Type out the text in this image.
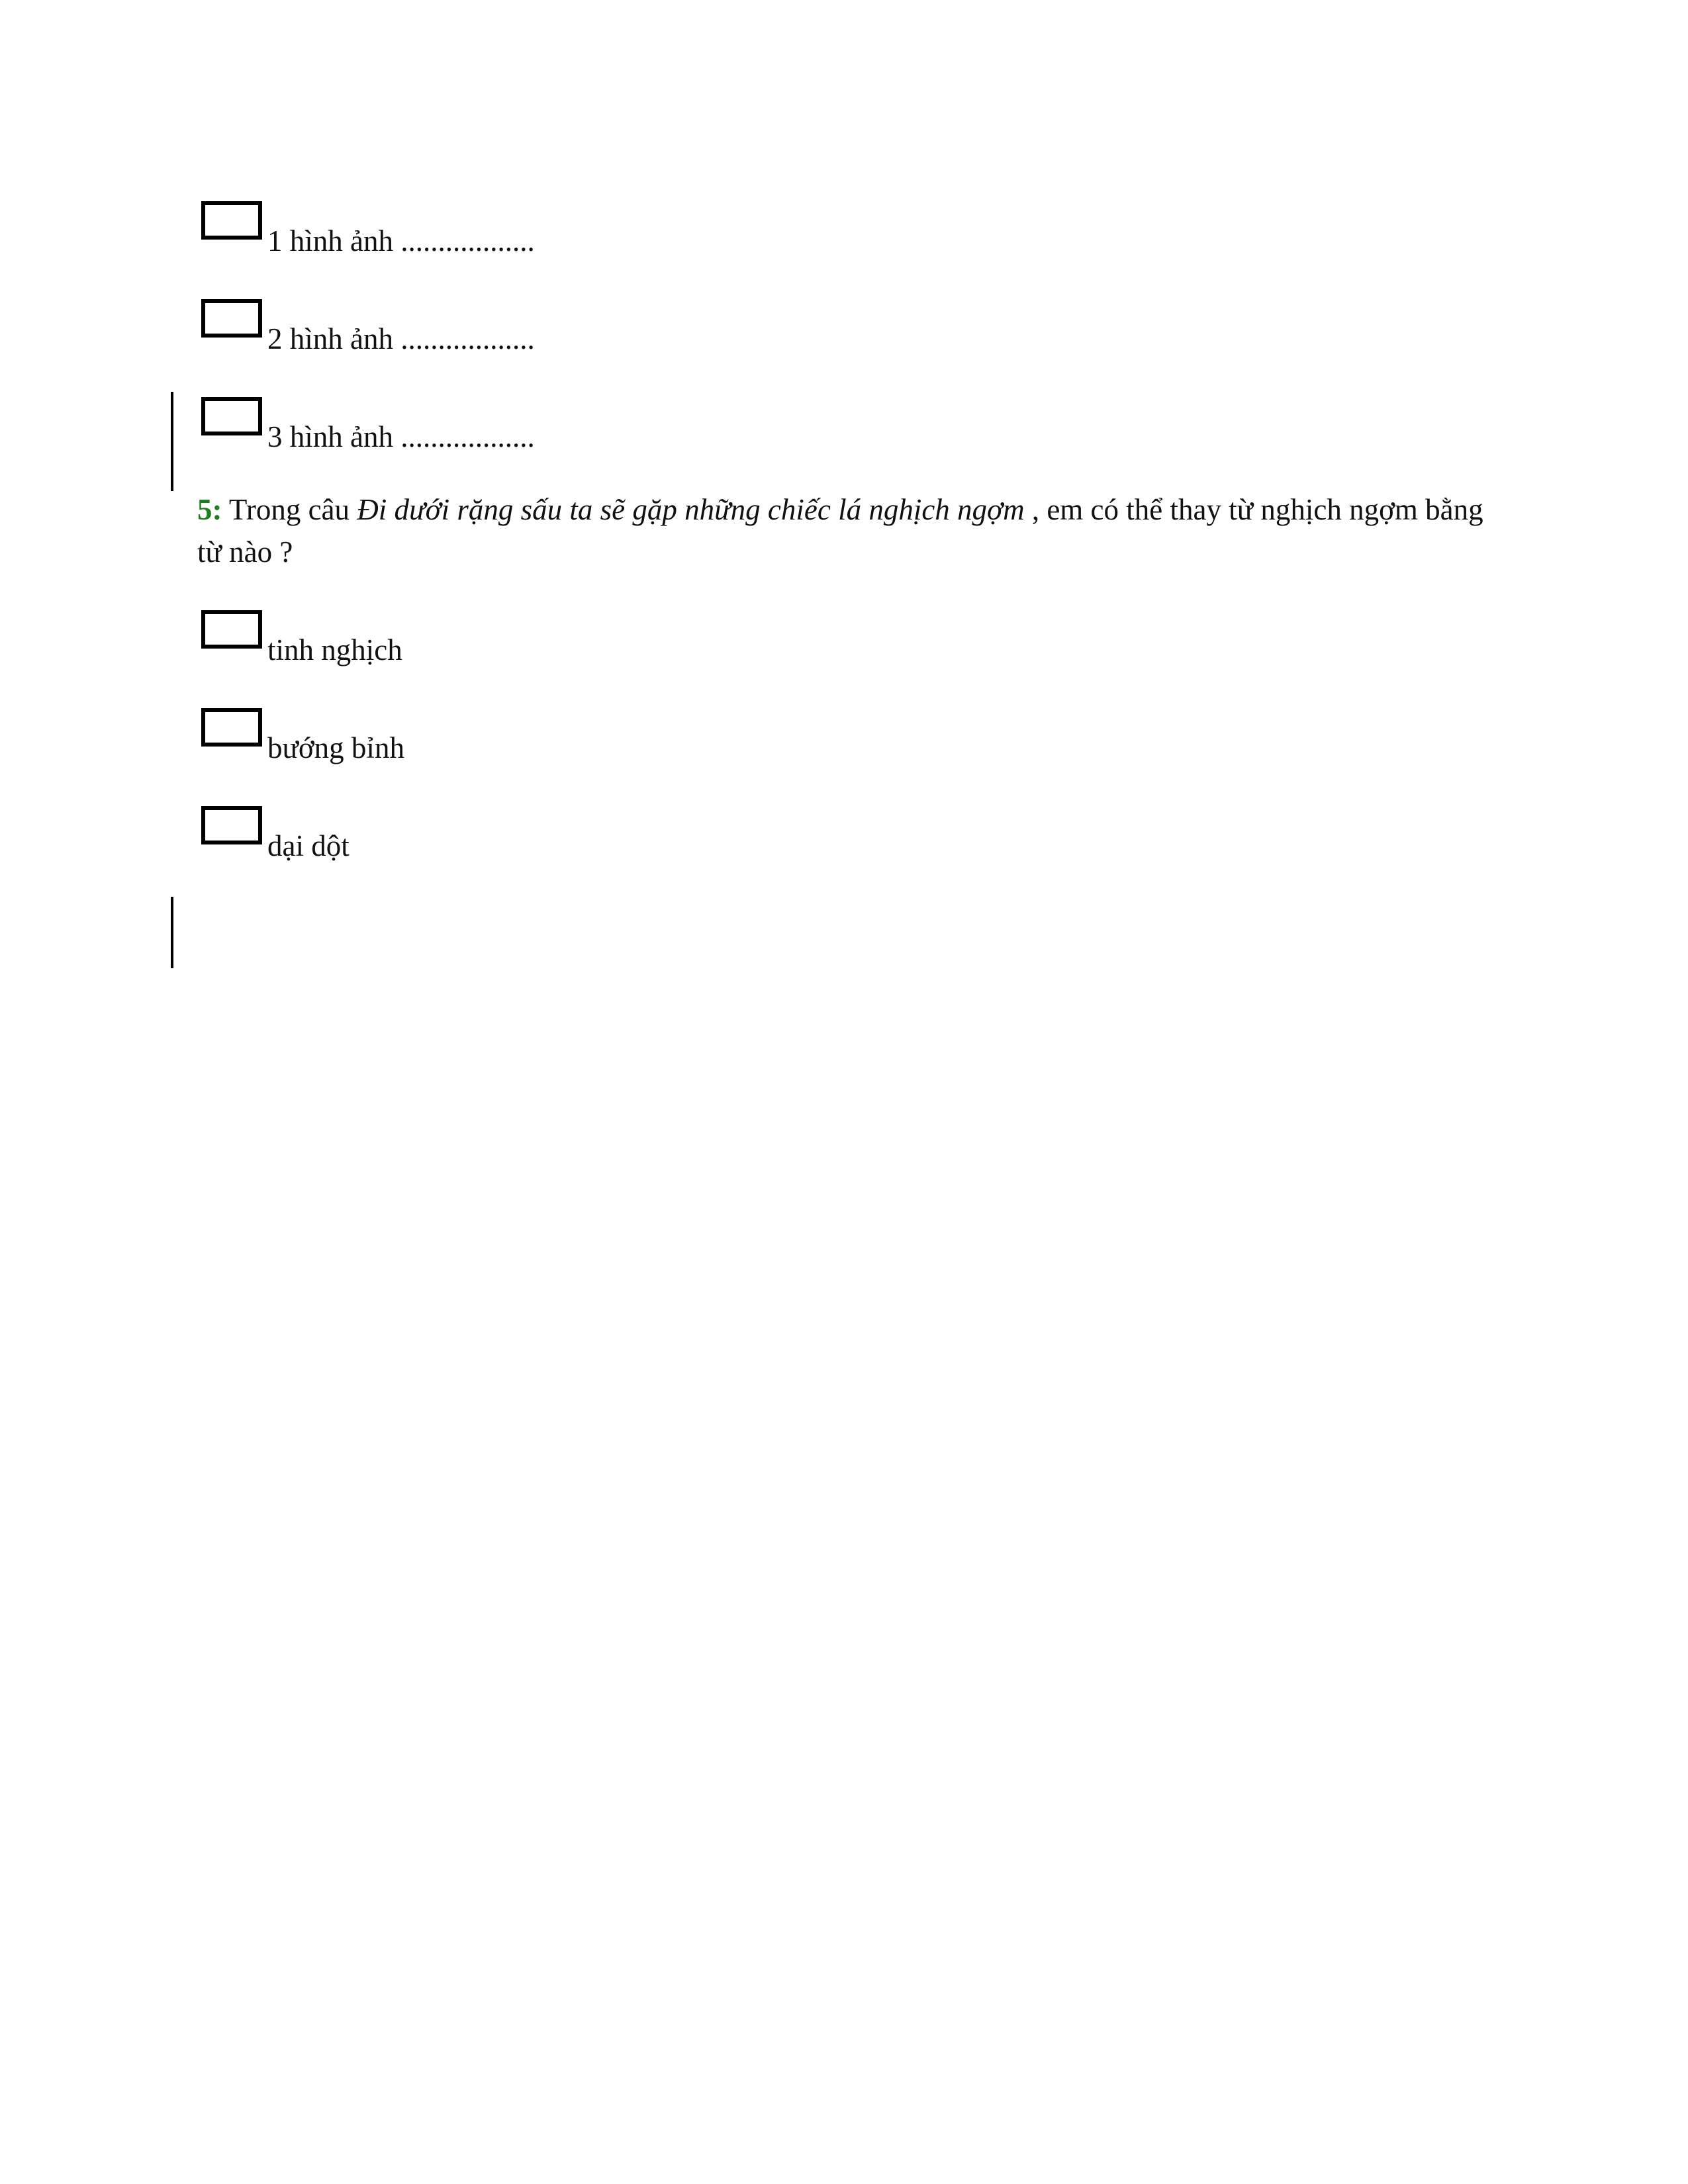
1 hình ảnh ..................
2 hình ảnh ..................
3 hình ảnh ..................
5: Trong câu Đi dưới rặng sấu ta sẽ gặp những chiếc lá nghịch ngợm , em có thể thay từ nghịch ngợm bằng từ nào ?
tinh nghịch
bướng bỉnh
dại dột
